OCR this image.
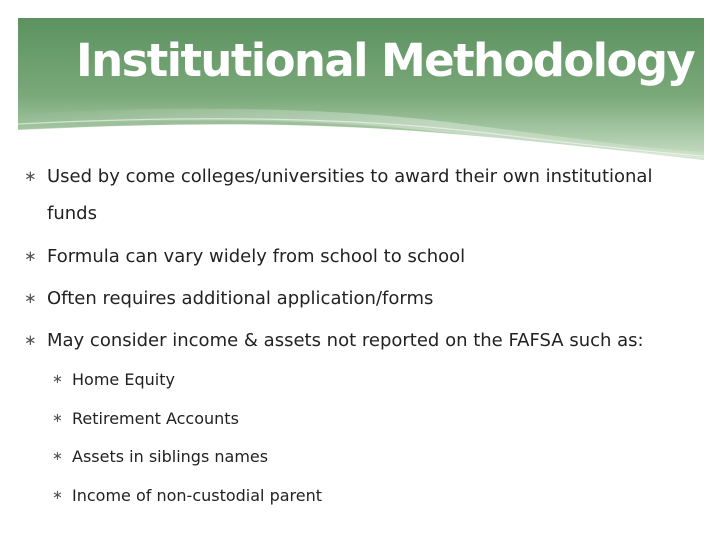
Institutional Methodology
∗ Used by come colleges/universities to award their own institutional
funds
∗ Formula can vary widely from school to school
∗ Often requires additional application/forms
∗ May consider income & assets not reported on the FAFSA such as:
∗ Home Equity
∗ Retirement Accounts
∗ Assets in siblings names
∗ Income of non-custodial parent
